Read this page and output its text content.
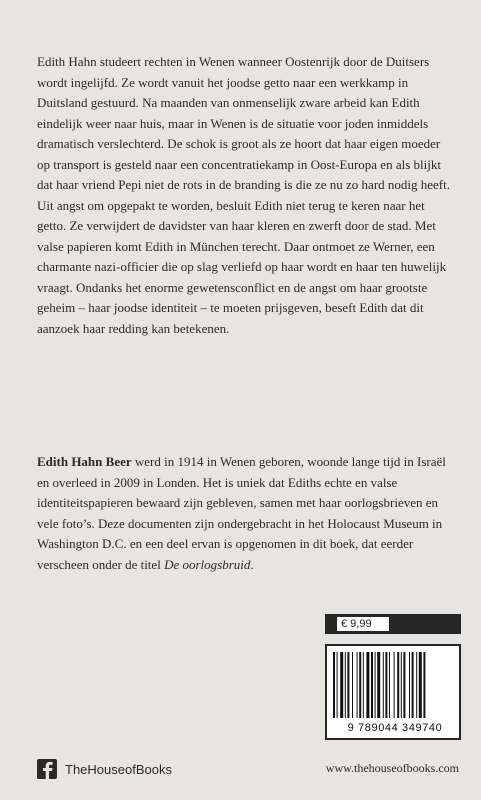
Edith Hahn studeert rechten in Wenen wanneer Oostenrijk door de Duitsers wordt ingelijfd. Ze wordt vanuit het joodse getto naar een werkkamp in Duitsland gestuurd. Na maanden van onmenselijk zware arbeid kan Edith eindelijk weer naar huis, maar in Wenen is de situatie voor joden inmiddels dramatisch verslechterd. De schok is groot als ze hoort dat haar eigen moeder op transport is gesteld naar een concentratiekamp in Oost-Europa en als blijkt dat haar vriend Pepi niet de rots in de branding is die ze nu zo hard nodig heeft.

Uit angst om opgepakt te worden, besluit Edith niet terug te keren naar het getto. Ze verwijdert de davidster van haar kleren en zwerft door de stad. Met valse papieren komt Edith in München terecht. Daar ontmoet ze Werner, een charmante nazi-officier die op slag verliefd op haar wordt en haar ten huwelijk vraagt. Ondanks het enorme gewetensconflict en de angst om haar grootste geheim – haar joodse identiteit – te moeten prijsgeven, beseft Edith dat dit aanzoek haar redding kan betekenen.

Edith Hahn Beer werd in 1914 in Wenen geboren, woonde lange tijd in Israël en overleed in 2009 in Londen. Het is uniek dat Ediths echte en valse identiteitspapieren bewaard zijn gebleven, samen met haar oorlogsbrieven en vele foto’s. Deze documenten zijn ondergebracht in het Holocaust Museum in Washington D.C. en een deel ervan is opgenomen in dit boek, dat eerder verscheen onder de titel De oorlogsbruid.

€ 9,99
9 789044 349740
TheHouseofBooks	www.thehouseofbooks.com
